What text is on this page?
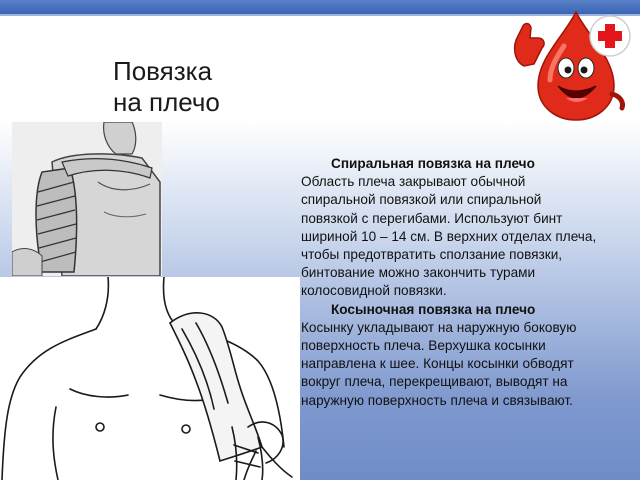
Повязка
на плечо
Спиральная повязка на плечо
Область плеча закрывают обычной спиральной повязкой или спиральной повязкой с перегибами. Используют бинт шириной 10 – 14 см. В верхних отделах плеча, чтобы предотвратить сползание повязки, бинтование можно закончить турами колосовидной повязки.
Косыночная повязка на плечо
Косынку укладывают на наружную боковую поверхность плеча. Верхушка косынки направлена к шее. Концы косынки обводят вокруг плеча, перекрещивают, выводят на наружную поверхность плеча и связывают.
